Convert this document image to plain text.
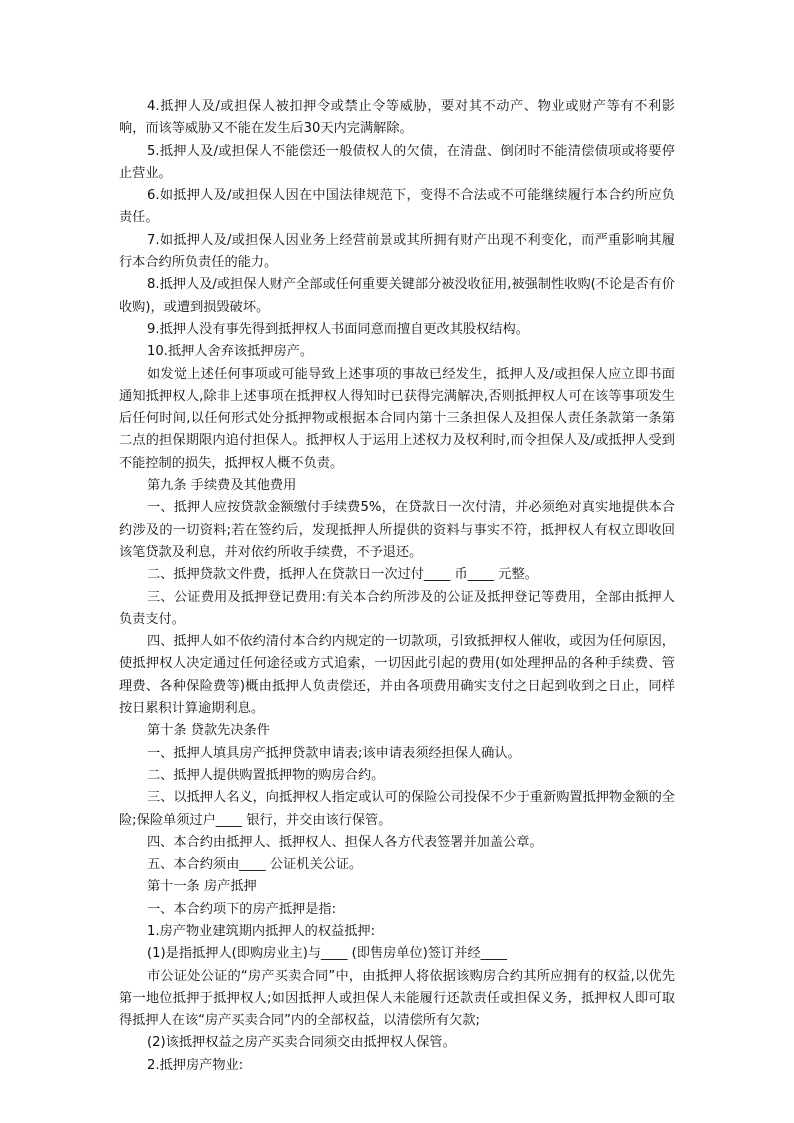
4.抵押人及/或担保人被扣押令或禁止令等威胁，要对其不动产、物业或财产等有不利影响，而该等威胁又不能在发生后30天内完满解除。

5.抵押人及/或担保人不能偿还一般债权人的欠债，在清盘、倒闭时不能清偿债项或将要停止营业。

6.如抵押人及/或担保人因在中国法律规范下，变得不合法或不可能继续履行本合约所应负责任。

7.如抵押人及/或担保人因业务上经营前景或其所拥有财产出现不利变化，而严重影响其履行本合约所负责任的能力。

8.抵押人及/或担保人财产全部或任何重要关键部分被没收征用,被强制性收购(不论是否有价收购)，或遭到损毁破坏。

9.抵押人没有事先得到抵押权人书面同意而擅自更改其股权结构。

10.抵押人舍弃该抵押房产。

如发觉上述任何事项或可能导致上述事项的事故已经发生，抵押人及/或担保人应立即书面通知抵押权人,除非上述事项在抵押权人得知时已获得完满解决,否则抵押权人可在该等事项发生后任何时间,以任何形式处分抵押物或根据本合同内第十三条担保人及担保人责任条款第一条第二点的担保期限内追付担保人。抵押权人于运用上述权力及权利时,而令担保人及/或抵押人受到不能控制的损失，抵押权人概不负责。

第九条 手续费及其他费用

一、抵押人应按贷款金额缴付手续费5%，在贷款日一次付清，并必须绝对真实地提供本合约涉及的一切资料;若在签约后，发现抵押人所提供的资料与事实不符，抵押权人有权立即收回该笔贷款及利息，并对依约所收手续费，不予退还。

二、抵押贷款文件费，抵押人在贷款日一次过付____ 币____ 元整。

三、公证费用及抵押登记费用:有关本合约所涉及的公证及抵押登记等费用，全部由抵押人负责支付。

四、抵押人如不依约清付本合约内规定的一切款项，引致抵押权人催收，或因为任何原因，使抵押权人决定通过任何途径或方式追索，一切因此引起的费用(如处理押品的各种手续费、管理费、各种保险费等)概由抵押人负责偿还，并由各项费用确实支付之日起到收到之日止，同样按日累积计算逾期利息。

第十条 贷款先决条件

一、抵押人填具房产抵押贷款申请表;该申请表须经担保人确认。

二、抵押人提供购置抵押物的购房合约。

三、以抵押人名义，向抵押权人指定或认可的保险公司投保不少于重新购置抵押物金额的全险;保险单须过户____ 银行，并交由该行保管。

四、本合约由抵押人、抵押权人、担保人各方代表签署并加盖公章。

五、本合约须由____ 公证机关公证。

第十一条 房产抵押

一、本合约项下的房产抵押是指:

1.房产物业建筑期内抵押人的权益抵押:

(1)是指抵押人(即购房业主)与____ (即售房单位)签订并经____

市公证处公证的“房产买卖合同”中，由抵押人将依据该购房合约其所应拥有的权益,以优先第一地位抵押于抵押权人;如因抵押人或担保人未能履行还款责任或担保义务，抵押权人即可取得抵押人在该“房产买卖合同”内的全部权益，以清偿所有欠款;

(2)该抵押权益之房产买卖合同须交由抵押权人保管。

2.抵押房产物业:
